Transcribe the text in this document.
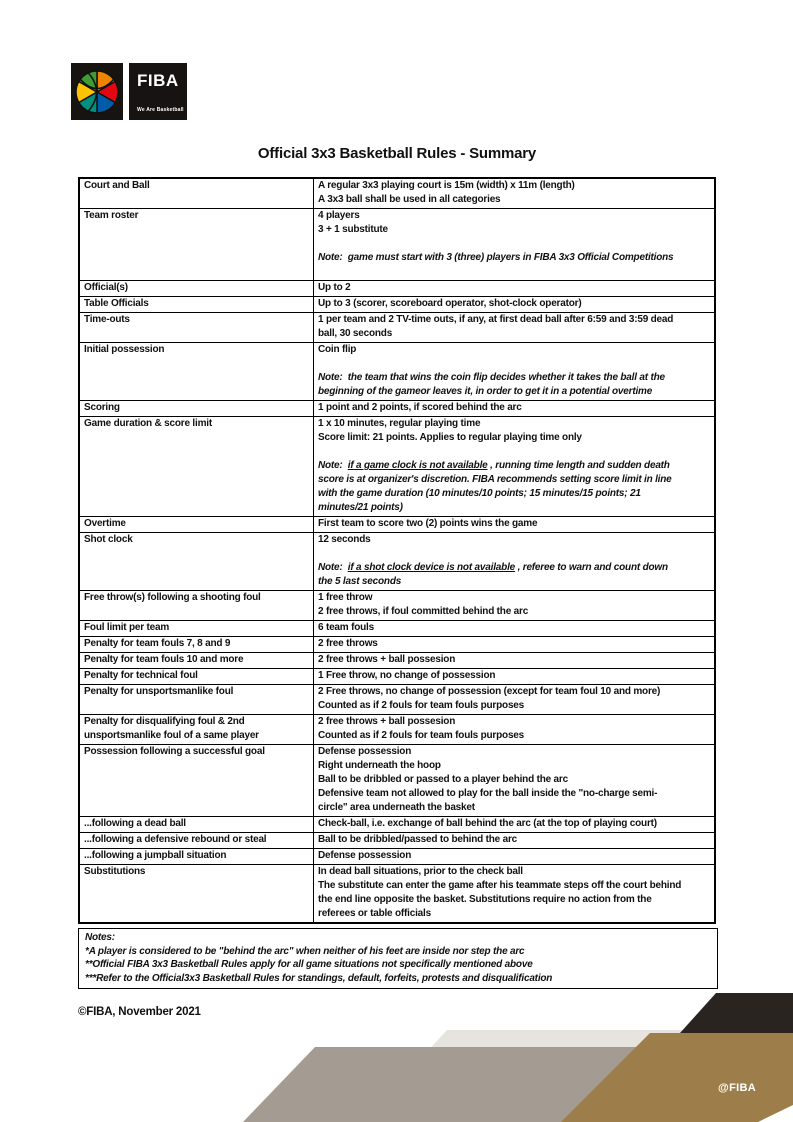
FIBA
We Are Basketball
Official 3x3 Basketball Rules - Summary
Court and Ball	A regular 3x3 playing court is 15m (width) x 11m (length)
A 3x3 ball shall be used in all categories

Team roster	4 players
3 + 1 substitute

Note: game must start with 3 (three) players in FIBA 3x3 Official Competitions

Official(s)	Up to 2

Table Officials	Up to 3 (scorer, scoreboard operator, shot-clock operator)

Time-outs	1 per team and 2 TV-time outs, if any, at first dead ball after 6:59 and 3:59 dead
ball, 30 seconds

Initial possession	Coin flip

Note: the team that wins the coin flip decides whether it takes the ball at the
beginning of the gameor leaves it, in order to get it in a potential overtime

Scoring	1 point and 2 points, if scored behind the arc

Game duration & score limit	1 x 10 minutes, regular playing time
Score limit: 21 points. Applies to regular playing time only

Note: if a game clock is not available , running time length and sudden death
score is at organizer's discretion. FIBA recommends setting score limit in line
with the game duration (10 minutes/10 points; 15 minutes/15 points; 21
minutes/21 points)

Overtime	First team to score two (2) points wins the game

Shot clock	12 seconds

Note: if a shot clock device is not available , referee to warn and count down
the 5 last seconds

Free throw(s) following a shooting foul	1 free throw
2 free throws, if foul committed behind the arc

Foul limit per team	6 team fouls

Penalty for team fouls 7, 8 and 9	2 free throws

Penalty for team fouls 10 and more	2 free throws + ball possesion

Penalty for technical foul	1 Free throw, no change of possession

Penalty for unsportsmanlike foul	2 Free throws, no change of possession (except for team foul 10 and more)
Counted as if 2 fouls for team fouls purposes

Penalty for disqualifying foul & 2nd unsportsmanlike foul of a same player	2 free throws + ball possesion
Counted as if 2 fouls for team fouls purposes

Possession following a successful goal	Defense possession
Right underneath the hoop
Ball to be dribbled or passed to a player behind the arc
Defensive team not allowed to play for the ball inside the "no-charge semi-
circle" area underneath the basket

...following a dead ball	Check-ball, i.e. exchange of ball behind the arc (at the top of playing court)

...following a defensive rebound or steal	Ball to be dribbled/passed to behind the arc

...following a jumpball situation	Defense possession

Substitutions	In dead ball situations, prior to the check ball
The substitute can enter the game after his teammate steps off the court behind
the end line opposite the basket. Substitutions require no action from the
referees or table officials
Notes:
*A player is considered to be "behind the arc" when neither of his feet are inside nor step the arc
**Official FIBA 3x3 Basketball Rules apply for all game situations not specifically mentioned above
***Refer to the Official3x3 Basketball Rules for standings, default, forfeits, protests and disqualification
©FIBA, November 2021
@FIBA
